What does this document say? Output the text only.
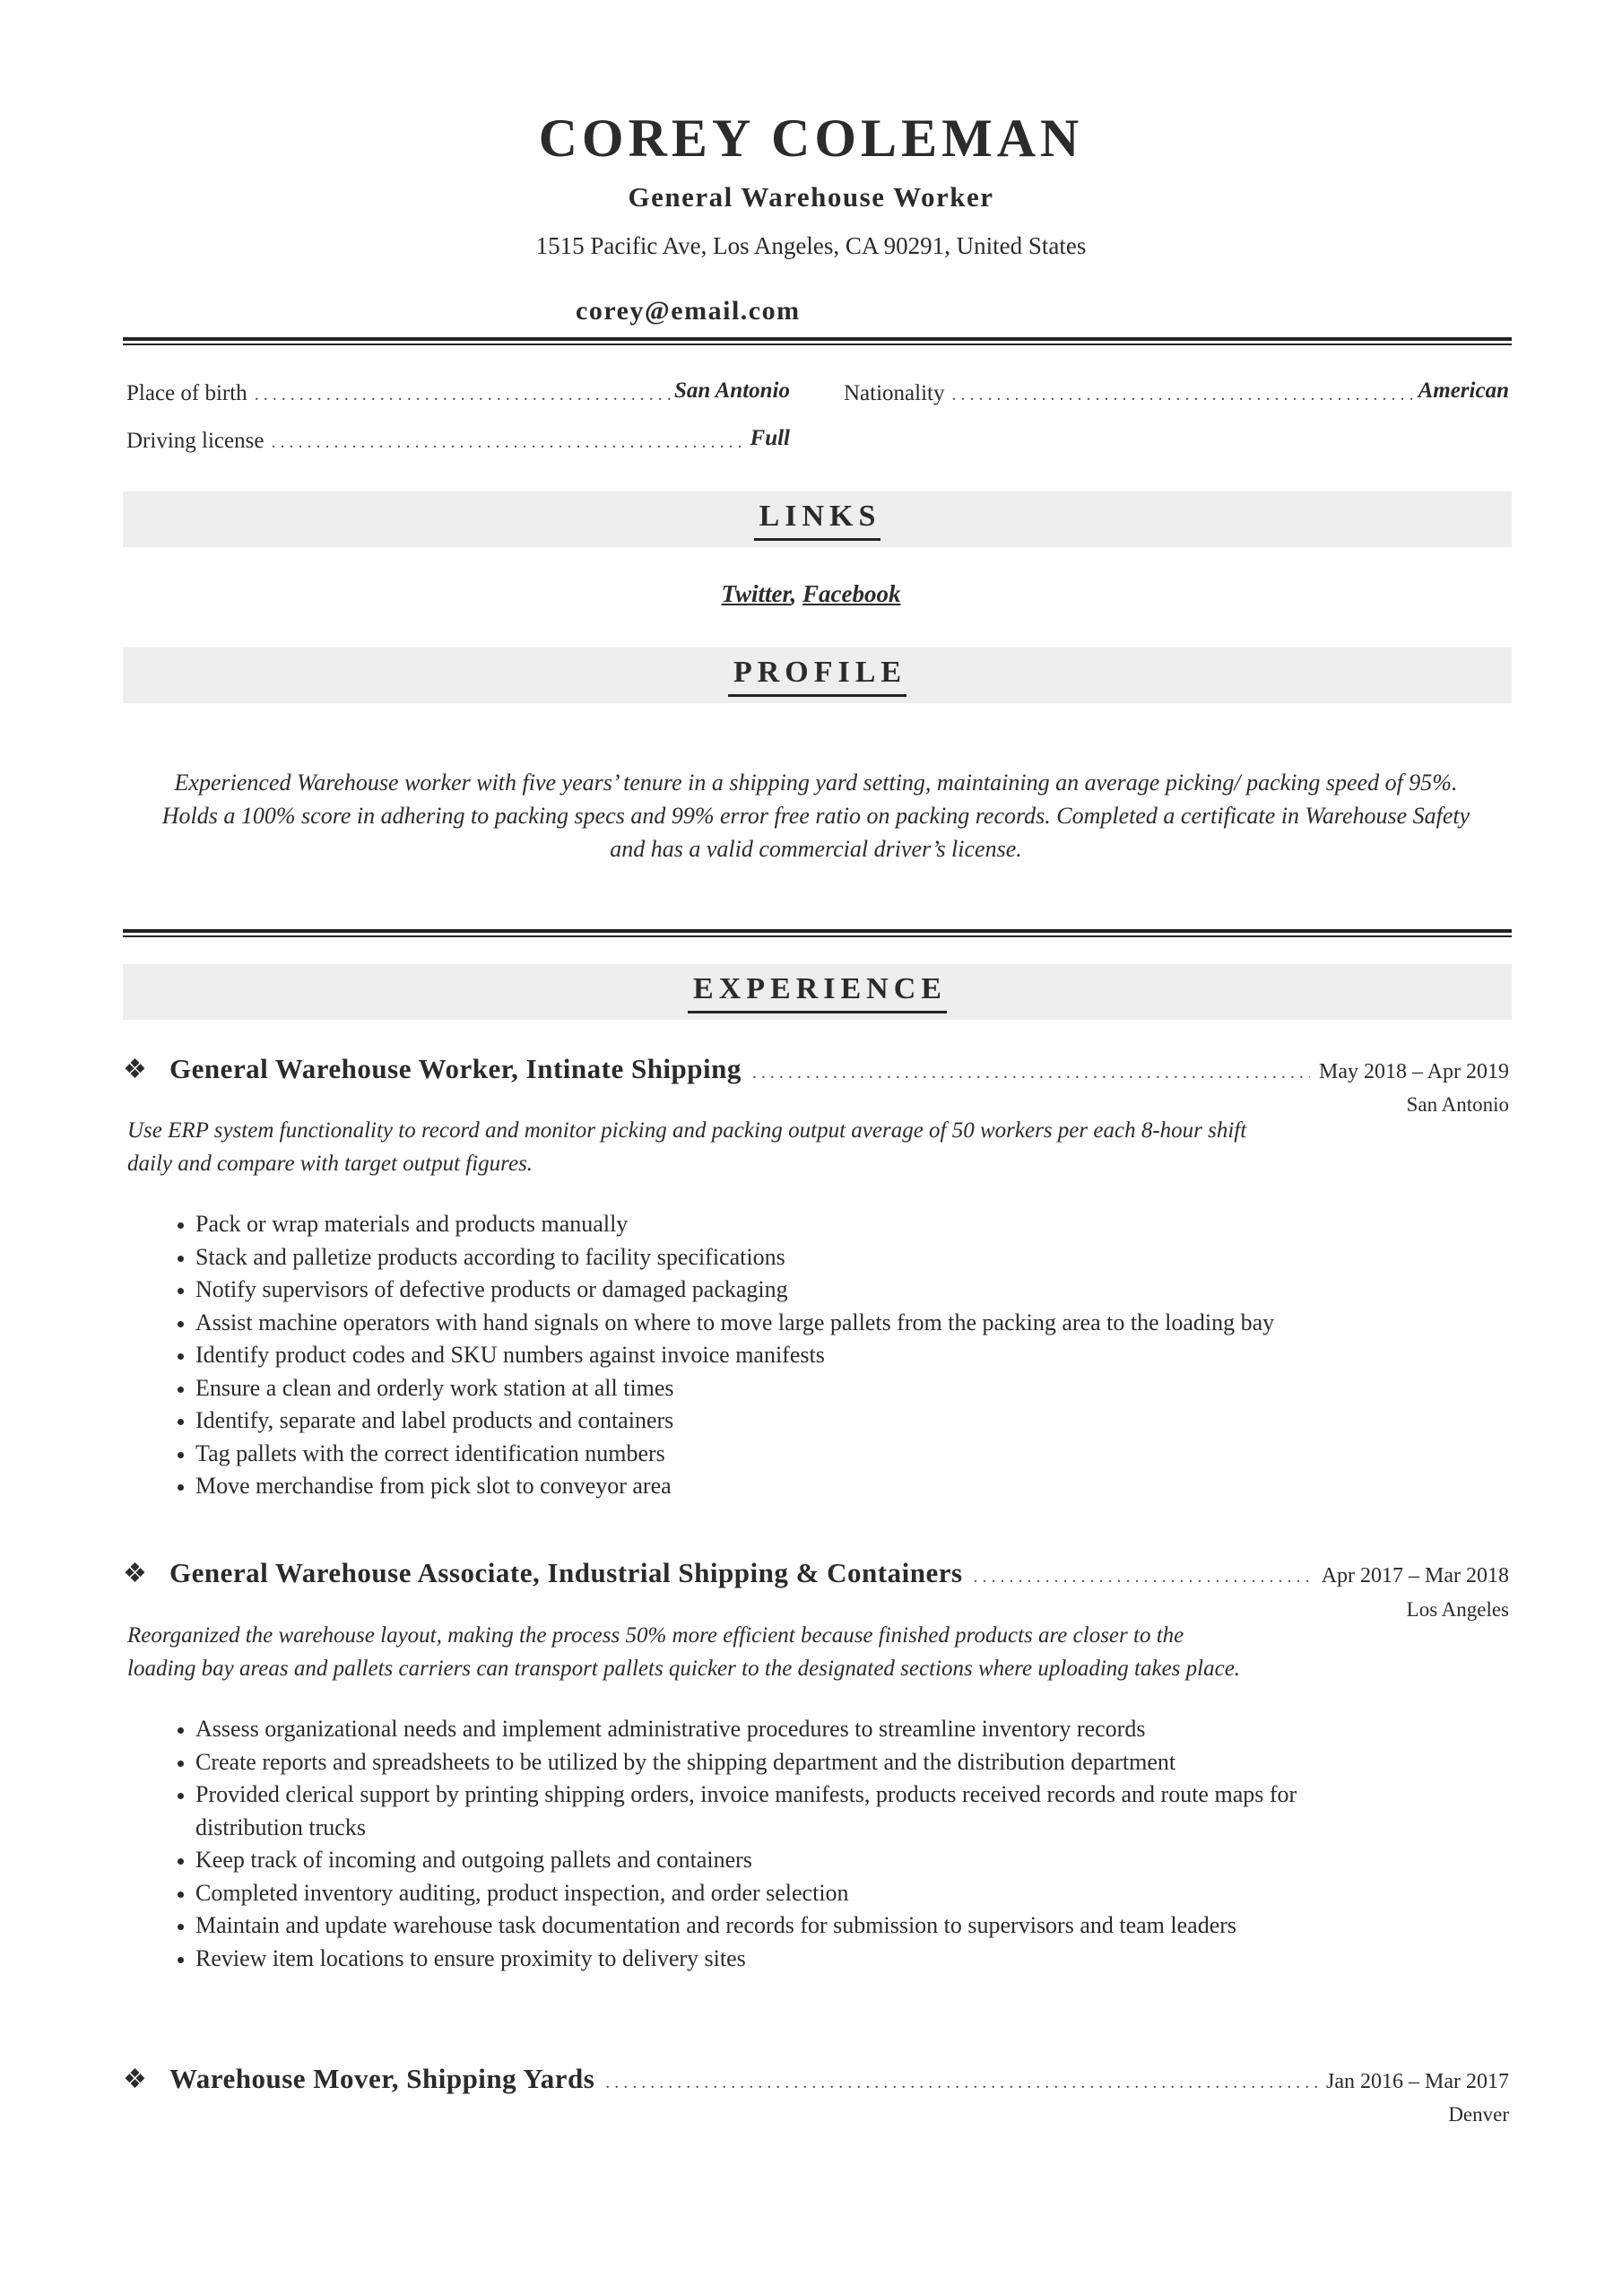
COREY COLEMAN
General Warehouse Worker
1515 Pacific Ave, Los Angeles, CA 90291, United States
corey@email.com
Place of birth .....	San Antonio Nationality .....	American
Driving license .....	Full
LINKS
Twitter, Facebook
PROFILE
Experienced Warehouse worker with five years’ tenure in a shipping yard setting, maintaining an average picking/ packing speed of 95%. Holds a 100% score in adhering to packing specs and 99% error free ratio on packing records. Completed a certificate in Warehouse Safety and has a valid commercial driver’s license.
EXPERIENCE
❖ General Warehouse Worker, Intinate Shipping .....	May 2018 – Apr 2019
San Antonio
Use ERP system functionality to record and monitor picking and packing output average of 50 workers per each 8-hour shift daily and compare with target output figures.
• Pack or wrap materials and products manually
• Stack and palletize products according to facility specifications
• Notify supervisors of defective products or damaged packaging
• Assist machine operators with hand signals on where to move large pallets from the packing area to the loading bay
• Identify product codes and SKU numbers against invoice manifests
• Ensure a clean and orderly work station at all times
• Identify, separate and label products and containers
• Tag pallets with the correct identification numbers
• Move merchandise from pick slot to conveyor area
❖ General Warehouse Associate, Industrial Shipping & Containers .....	Apr 2017 – Mar 2018
Los Angeles
Reorganized the warehouse layout, making the process 50% more efficient because finished products are closer to the loading bay areas and pallets carriers can transport pallets quicker to the designated sections where uploading takes place.
• Assess organizational needs and implement administrative procedures to streamline inventory records
• Create reports and spreadsheets to be utilized by the shipping department and the distribution department
• Provided clerical support by printing shipping orders, invoice manifests, products received records and route maps for distribution trucks
• Keep track of incoming and outgoing pallets and containers
• Completed inventory auditing, product inspection, and order selection
• Maintain and update warehouse task documentation and records for submission to supervisors and team leaders
• Review item locations to ensure proximity to delivery sites
❖ Warehouse Mover, Shipping Yards .....	Jan 2016 – Mar 2017
Denver
